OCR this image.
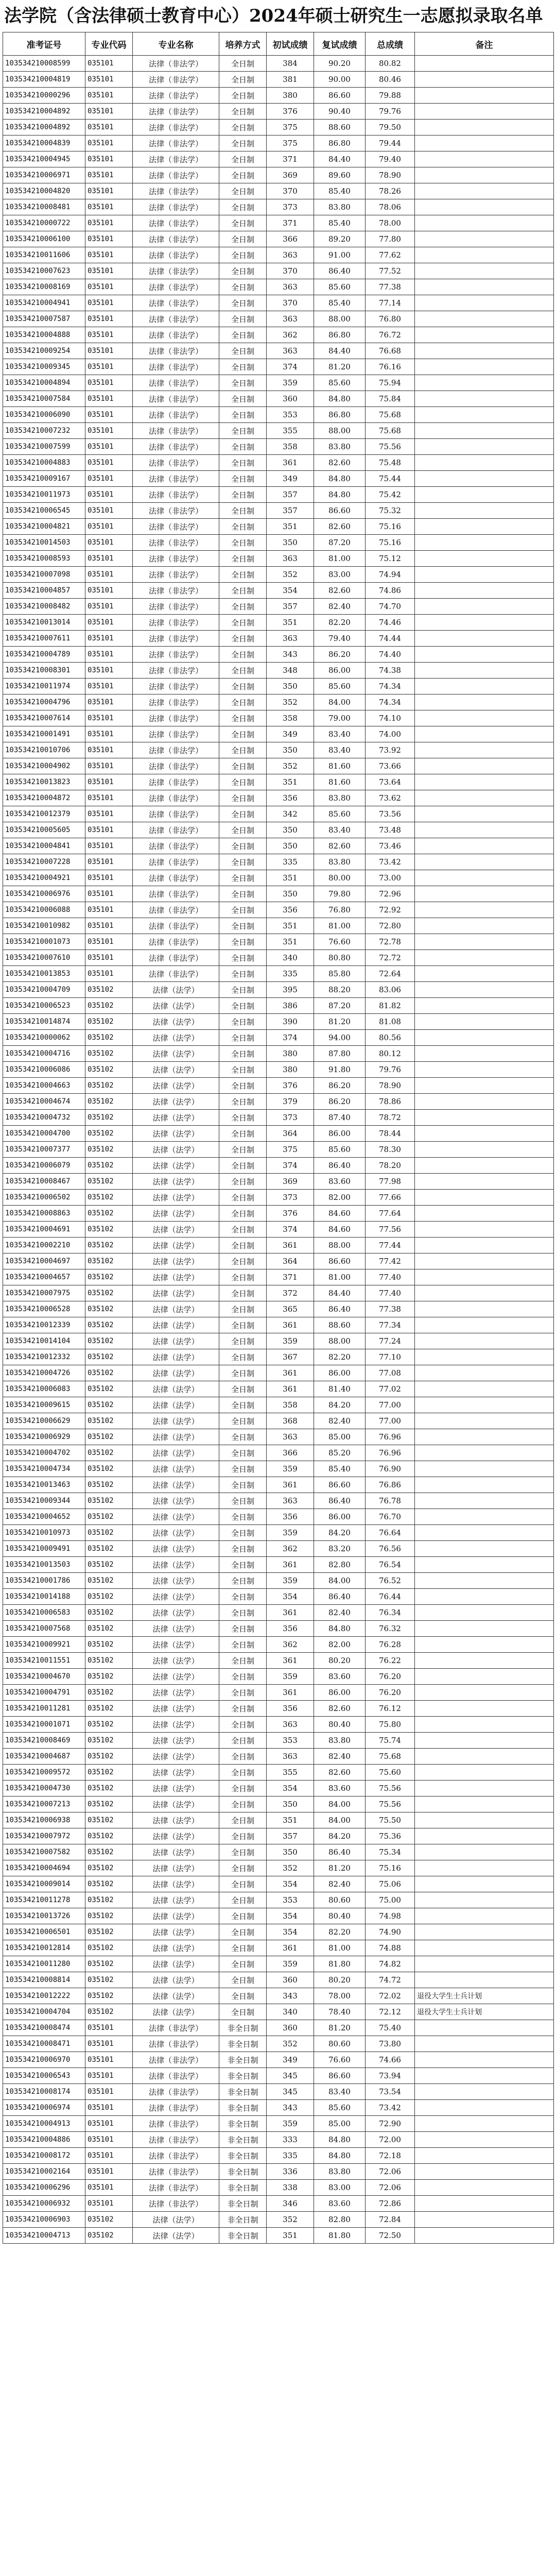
法学院（含法律硕士教育中心）2024年硕士研究生一志愿拟录取名单
准考证号	专业代码	专业名称	培养方式	初试成绩	复试成绩	总成绩	备注
103534210008599	035101	法律（非法学）	全日制	384	90.20	80.82	
103534210004819	035101	法律（非法学）	全日制	381	90.00	80.46	
103534210000296	035101	法律（非法学）	全日制	380	86.60	79.88	
103534210004892	035101	法律（非法学）	全日制	376	90.40	79.76	
103534210004892	035101	法律（非法学）	全日制	375	88.60	79.50	
103534210004839	035101	法律（非法学）	全日制	375	86.80	79.44	
103534210004945	035101	法律（非法学）	全日制	371	84.40	79.40	
103534210006971	035101	法律（非法学）	全日制	369	89.60	78.90	
103534210004820	035101	法律（非法学）	全日制	370	85.40	78.26	
103534210008481	035101	法律（非法学）	全日制	373	83.80	78.06	
103534210000722	035101	法律（非法学）	全日制	371	85.40	78.00	
103534210006100	035101	法律（非法学）	全日制	366	89.20	77.80	
103534210011606	035101	法律（非法学）	全日制	363	91.00	77.62	
103534210007623	035101	法律（非法学）	全日制	370	86.40	77.52	
103534210008169	035101	法律（非法学）	全日制	363	85.60	77.38	
103534210004941	035101	法律（非法学）	全日制	370	85.40	77.14	
103534210007587	035101	法律（非法学）	全日制	363	88.00	76.80	
103534210004888	035101	法律（非法学）	全日制	362	86.80	76.72	
103534210009254	035101	法律（非法学）	全日制	363	84.40	76.68	
103534210009345	035101	法律（非法学）	全日制	374	81.20	76.16	
103534210004894	035101	法律（非法学）	全日制	359	85.60	75.94	
103534210007584	035101	法律（非法学）	全日制	360	84.80	75.84	
103534210006090	035101	法律（非法学）	全日制	353	86.80	75.68	
103534210007232	035101	法律（非法学）	全日制	355	88.00	75.68	
103534210007599	035101	法律（非法学）	全日制	358	83.80	75.56	
103534210004883	035101	法律（非法学）	全日制	361	82.60	75.48	
103534210009167	035101	法律（非法学）	全日制	349	84.80	75.44	
103534210011973	035101	法律（非法学）	全日制	357	84.80	75.42	
103534210006545	035101	法律（非法学）	全日制	357	86.60	75.32	
103534210004821	035101	法律（非法学）	全日制	351	82.60	75.16	
103534210014503	035101	法律（非法学）	全日制	350	87.20	75.16	
103534210008593	035101	法律（非法学）	全日制	363	81.00	75.12	
103534210007098	035101	法律（非法学）	全日制	352	83.00	74.94	
103534210004857	035101	法律（非法学）	全日制	354	82.60	74.86	
103534210008482	035101	法律（非法学）	全日制	357	82.40	74.70	
103534210013014	035101	法律（非法学）	全日制	351	82.20	74.46	
103534210007611	035101	法律（非法学）	全日制	363	79.40	74.44	
103534210004789	035101	法律（非法学）	全日制	343	86.20	74.40	
103534210008301	035101	法律（非法学）	全日制	348	86.00	74.38	
103534210011974	035101	法律（非法学）	全日制	350	85.60	74.34	
103534210004796	035101	法律（非法学）	全日制	352	84.00	74.34	
103534210007614	035101	法律（非法学）	全日制	358	79.00	74.10	
103534210001491	035101	法律（非法学）	全日制	349	83.40	74.00	
103534210010706	035101	法律（非法学）	全日制	350	83.40	73.92	
103534210004902	035101	法律（非法学）	全日制	352	81.60	73.66	
103534210013823	035101	法律（非法学）	全日制	351	81.60	73.64	
103534210004872	035101	法律（非法学）	全日制	356	83.80	73.62	
103534210012379	035101	法律（非法学）	全日制	342	85.60	73.56	
103534210005605	035101	法律（非法学）	全日制	350	83.40	73.48	
103534210004841	035101	法律（非法学）	全日制	350	82.60	73.46	
103534210007228	035101	法律（非法学）	全日制	335	83.80	73.42	
103534210004921	035101	法律（非法学）	全日制	351	80.00	73.00	
103534210006976	035101	法律（非法学）	全日制	350	79.80	72.96	
103534210006088	035101	法律（非法学）	全日制	356	76.80	72.92	
103534210010982	035101	法律（非法学）	全日制	351	81.00	72.80	
103534210001073	035101	法律（非法学）	全日制	351	76.60	72.78	
103534210007610	035101	法律（非法学）	全日制	340	80.80	72.72	
103534210013853	035101	法律（非法学）	全日制	335	85.80	72.64	
103534210004709	035102	法律（法学）	全日制	395	88.20	83.06	
103534210006523	035102	法律（法学）	全日制	386	87.20	81.82	
103534210014874	035102	法律（法学）	全日制	390	81.20	81.08	
103534210000062	035102	法律（法学）	全日制	374	94.00	80.56	
103534210004716	035102	法律（法学）	全日制	380	87.80	80.12	
103534210006086	035102	法律（法学）	全日制	380	91.80	79.76	
103534210004663	035102	法律（法学）	全日制	376	86.20	78.90	
103534210004674	035102	法律（法学）	全日制	379	86.20	78.86	
103534210004732	035102	法律（法学）	全日制	373	87.40	78.72	
103534210004700	035102	法律（法学）	全日制	364	86.00	78.44	
103534210007377	035102	法律（法学）	全日制	375	85.60	78.30	
103534210006079	035102	法律（法学）	全日制	374	86.40	78.20	
103534210008467	035102	法律（法学）	全日制	369	83.60	77.98	
103534210006502	035102	法律（法学）	全日制	373	82.00	77.66	
103534210008863	035102	法律（法学）	全日制	376	84.60	77.64	
103534210004691	035102	法律（法学）	全日制	374	84.60	77.56	
103534210002210	035102	法律（法学）	全日制	361	88.00	77.44	
103534210004697	035102	法律（法学）	全日制	364	86.60	77.42	
103534210004657	035102	法律（法学）	全日制	371	81.00	77.40	
103534210007975	035102	法律（法学）	全日制	372	84.40	77.40	
103534210006528	035102	法律（法学）	全日制	365	86.40	77.38	
103534210012339	035102	法律（法学）	全日制	361	88.60	77.34	
103534210014104	035102	法律（法学）	全日制	359	88.00	77.24	
103534210012332	035102	法律（法学）	全日制	367	82.20	77.10	
103534210004726	035102	法律（法学）	全日制	361	86.00	77.08	
103534210006083	035102	法律（法学）	全日制	361	81.40	77.02	
103534210009615	035102	法律（法学）	全日制	358	84.20	77.00	
103534210006629	035102	法律（法学）	全日制	368	82.40	77.00	
103534210006929	035102	法律（法学）	全日制	363	85.00	76.96	
103534210004702	035102	法律（法学）	全日制	366	85.20	76.96	
103534210004734	035102	法律（法学）	全日制	359	85.40	76.90	
103534210013463	035102	法律（法学）	全日制	361	86.60	76.86	
103534210009344	035102	法律（法学）	全日制	363	86.40	76.78	
103534210004652	035102	法律（法学）	全日制	356	86.00	76.70	
103534210010973	035102	法律（法学）	全日制	359	84.20	76.64	
103534210009491	035102	法律（法学）	全日制	362	83.20	76.56	
103534210013503	035102	法律（法学）	全日制	361	82.80	76.54	
103534210001786	035102	法律（法学）	全日制	359	84.00	76.52	
103534210014188	035102	法律（法学）	全日制	354	86.40	76.44	
103534210006583	035102	法律（法学）	全日制	361	82.40	76.34	
103534210007568	035102	法律（法学）	全日制	356	84.80	76.32	
103534210009921	035102	法律（法学）	全日制	362	82.00	76.28	
103534210011551	035102	法律（法学）	全日制	361	80.20	76.22	
103534210004670	035102	法律（法学）	全日制	359	83.60	76.20	
103534210004791	035102	法律（法学）	全日制	361	86.00	76.20	
103534210011281	035102	法律（法学）	全日制	356	82.60	76.12	
103534210001071	035102	法律（法学）	全日制	363	80.40	75.80	
103534210008469	035102	法律（法学）	全日制	353	83.80	75.74	
103534210004687	035102	法律（法学）	全日制	363	82.40	75.68	
103534210009572	035102	法律（法学）	全日制	355	82.60	75.60	
103534210004730	035102	法律（法学）	全日制	354	83.60	75.56	
103534210007213	035102	法律（法学）	全日制	350	84.00	75.56	
103534210006938	035102	法律（法学）	全日制	351	84.00	75.50	
103534210007972	035102	法律（法学）	全日制	357	84.20	75.36	
103534210007582	035102	法律（法学）	全日制	350	86.40	75.34	
103534210004694	035102	法律（法学）	全日制	352	81.20	75.16	
103534210009014	035102	法律（法学）	全日制	354	82.40	75.06	
103534210011278	035102	法律（法学）	全日制	353	80.60	75.00	
103534210013726	035102	法律（法学）	全日制	354	80.40	74.98	
103534210006501	035102	法律（法学）	全日制	354	82.20	74.90	
103534210012814	035102	法律（法学）	全日制	361	81.00	74.88	
103534210011280	035102	法律（法学）	全日制	359	81.80	74.82	
103534210008814	035102	法律（法学）	全日制	360	80.20	74.72	
103534210012222	035102	法律（法学）	全日制	343	78.00	72.02	退役大学生士兵计划
103534210004704	035102	法律（法学）	全日制	340	78.40	72.12	退役大学生士兵计划
103534210008474	035101	法律（非法学）	非全日制	360	81.20	75.40	
103534210008471	035101	法律（非法学）	非全日制	352	80.60	73.80	
103534210006970	035101	法律（非法学）	非全日制	349	76.60	74.66	
103534210006543	035101	法律（非法学）	非全日制	345	86.60	73.94	
103534210008174	035101	法律（非法学）	非全日制	345	83.40	73.54	
103534210006974	035101	法律（非法学）	非全日制	343	85.60	73.42	
103534210004913	035101	法律（非法学）	非全日制	359	85.00	72.90	
103534210004886	035101	法律（非法学）	非全日制	333	84.80	72.00	
103534210008172	035101	法律（非法学）	非全日制	335	84.80	72.18	
103534210002164	035101	法律（非法学）	非全日制	336	83.80	72.06	
103534210006296	035101	法律（非法学）	非全日制	338	83.00	72.06	
103534210006932	035101	法律（非法学）	非全日制	346	83.60	72.86	
103534210006903	035102	法律（法学）	非全日制	352	82.80	72.84	
103534210004713	035102	法律（法学）	非全日制	351	81.80	72.50	
